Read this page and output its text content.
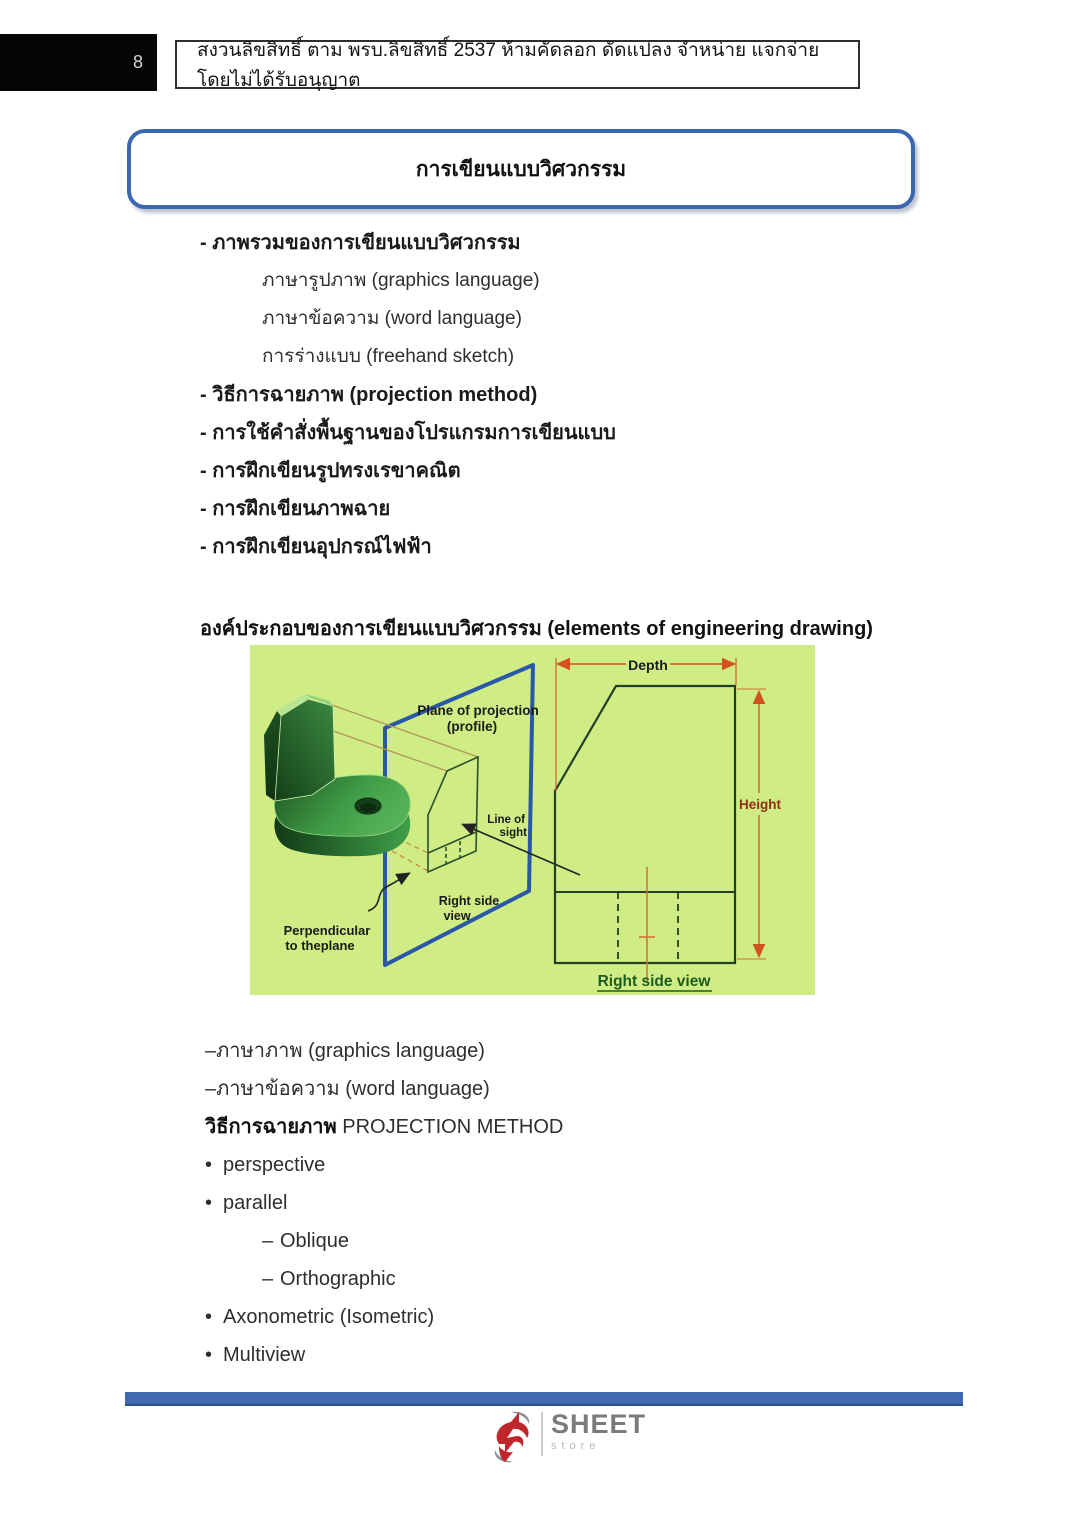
8
สงวนลิขสิทธิ์ ตาม พรบ.ลิขสิทธิ์ 2537 ห้ามคัดลอก ดัดแปลง จำหน่าย แจกจ่าย โดยไม่ได้รับอนุญาต
การเขียนแบบวิศวกรรม
- ภาพรวมของการเขียนแบบวิศวกรรม
ภาษารูปภาพ (graphics language)
ภาษาข้อความ (word language)
การร่างแบบ (freehand sketch)
- วิธีการฉายภาพ (projection method)
- การใช้คำสั่งพื้นฐานของโปรแกรมการเขียนแบบ
- การฝึกเขียนรูปทรงเรขาคณิต
- การฝึกเขียนภาพฉาย
- การฝึกเขียนอุปกรณ์ไฟฟ้า
องค์ประกอบของการเขียนแบบวิศวกรรม (elements of engineering drawing)
Plane of projection
(profile)
Line of
sight
Perpendicular
to theplane
Right side
view
Depth
Height
Right side view
–ภาษาภาพ (graphics language)
–ภาษาข้อความ (word language)
วิธีการฉายภาพ PROJECTION METHOD
• perspective
• parallel
– Oblique
– Orthographic
• Axonometric (Isometric)
• Multiview
SHEET
store
